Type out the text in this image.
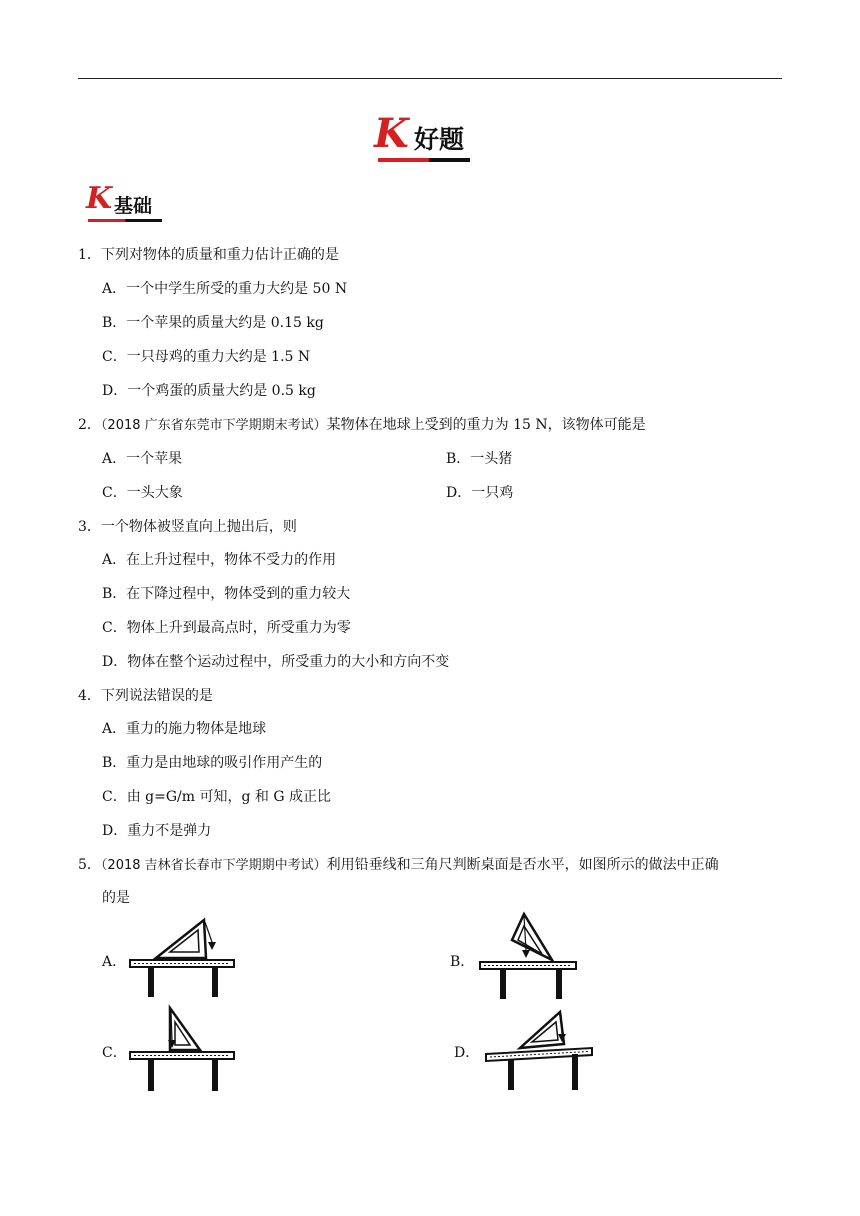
K 好题
K 基础
1．下列对物体的质量和重力估计正确的是
A．一个中学生所受的重力大约是 50 N
B．一个苹果的质量大约是 0.15 kg
C．一只母鸡的重力大约是 1.5 N
D．一个鸡蛋的质量大约是 0.5 kg
2．（2018 广东省东莞市下学期期末考试）某物体在地球上受到的重力为 15 N，该物体可能是
A．一个苹果	B．一头猪
C．一头大象	D．一只鸡
3．一个物体被竖直向上抛出后，则
A．在上升过程中，物体不受力的作用
B．在下降过程中，物体受到的重力较大
C．物体上升到最高点时，所受重力为零
D．物体在整个运动过程中，所受重力的大小和方向不变
4．下列说法错误的是
A．重力的施力物体是地球
B．重力是由地球的吸引作用产生的
C．由 g=G/m 可知，g 和 G 成正比
D．重力不是弹力
5．（2018 吉林省长春市下学期期中考试）利用铅垂线和三角尺判断桌面是否水平，如图所示的做法中正确
的是
A．	B．
C．	D．
